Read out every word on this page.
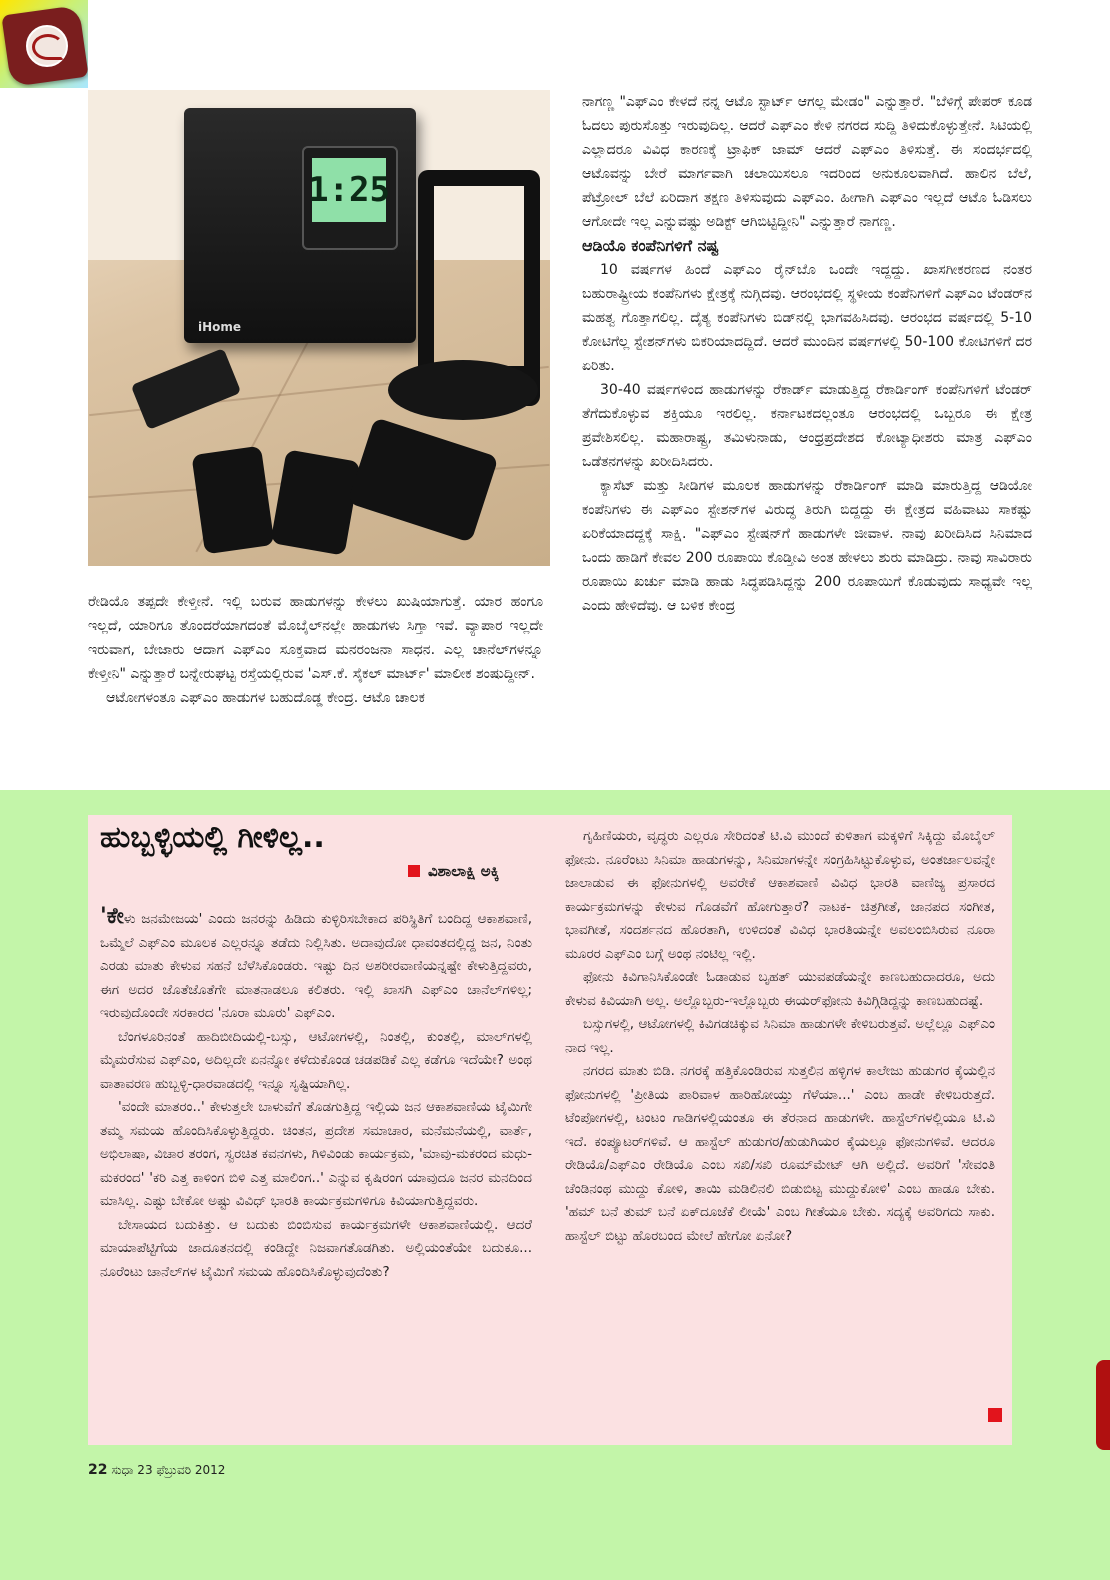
1:25
iHome

ರೇಡಿಯೊ ತಪ್ಪದೇ ಕೇಳ್ತೀನೆ. ಇಲ್ಲಿ ಬರುವ ಹಾಡುಗಳನ್ನು ಕೇಳಲು ಖುಷಿಯಾಗುತ್ತೆ. ಯಾರ ಹಂಗೂ ಇಲ್ಲದೆ, ಯಾರಿಗೂ ತೊಂದರೆಯಾಗದಂತೆ ಮೊಬೈಲ್‌ನಲ್ಲೇ ಹಾಡುಗಳು ಸಿಗ್ತಾ ಇವೆ. ವ್ಯಾಪಾರ ಇಲ್ಲದೇ ಇರುವಾಗ, ಬೇಜಾರು ಆದಾಗ ಎಫ್‌ಎಂ ಸೂಕ್ತವಾದ ಮನರಂಜನಾ ಸಾಧನ. ಎಲ್ಲ ಚಾನೆಲ್‌ಗಳನ್ನೂ ಕೇಳ್ತೀನಿ" ಎನ್ನುತ್ತಾರೆ ಬನ್ನೇರುಘಟ್ಟ ರಸ್ತೆಯಲ್ಲಿರುವ 'ಎಸ್.ಕೆ. ಸೈಕಲ್ ಮಾರ್ಟ್' ಮಾಲೀಕ ಶಂಷುದ್ದೀನ್.

ಆಟೋಗಳಂತೂ ಎಫ್‌ಎಂ ಹಾಡುಗಳ ಬಹುದೊಡ್ಡ ಕೇಂದ್ರ. ಆಟೊ ಚಾಲಕ

ನಾಗಣ್ಣ "ಎಫ್‌ಎಂ ಕೇಳದೆ ನನ್ನ ಆಟೊ ಸ್ಟಾರ್ಟ್ ಆಗಲ್ಲ ಮೇಡಂ" ಎನ್ನುತ್ತಾರೆ. "ಬೆಳಿಗ್ಗೆ ಪೇಪರ್ ಕೂಡ ಓದಲು ಪುರುಸೊತ್ತು ಇರುವುದಿಲ್ಲ. ಆದರೆ ಎಫ್‌ಎಂ ಕೇಳಿ ನಗರದ ಸುದ್ದಿ ತಿಳಿದುಕೊಳ್ಳುತ್ತೇನೆ. ಸಿಟಿಯಲ್ಲಿ ಎಲ್ಲಾದರೂ ವಿವಿಧ ಕಾರಣಕ್ಕೆ ಟ್ರಾಫಿಕ್ ಜಾಮ್ ಆದರೆ ಎಫ್‌ಎಂ ತಿಳಿಸುತ್ತೆ. ಈ ಸಂದರ್ಭದಲ್ಲಿ ಆಟೊವನ್ನು ಬೇರೆ ಮಾರ್ಗವಾಗಿ ಚಲಾಯಿಸಲೂ ಇದರಿಂದ ಅನುಕೂಲವಾಗಿದೆ. ಹಾಲಿನ ಬೆಲೆ, ಪೆಟ್ರೋಲ್ ಬೆಲೆ ಏರಿದಾಗ ತಕ್ಷಣ ತಿಳಿಸುವುದು ಎಫ್‌ಎಂ. ಹೀಗಾಗಿ ಎಫ್‌ಎಂ ಇಲ್ಲದೆ ಆಟೊ ಓಡಿಸಲು ಆಗೋದೇ ಇಲ್ಲ ಎನ್ನುವಷ್ಟು ಅಡಿಕ್ಟ್ ಆಗಿಬಿಟ್ಟಿದ್ದೀನಿ" ಎನ್ನುತ್ತಾರೆ ನಾಗಣ್ಣ.

ಆಡಿಯೊ ಕಂಪೆನಿಗಳಿಗೆ ನಷ್ಟ

10 ವರ್ಷಗಳ ಹಿಂದೆ ಎಫ್‌ಎಂ ರೈನ್‌ಬೊ ಒಂದೇ ಇದ್ದದ್ದು. ಖಾಸಗೀಕರಣದ ನಂತರ ಬಹುರಾಷ್ಟ್ರೀಯ ಕಂಪೆನಿಗಳು ಕ್ಷೇತ್ರಕ್ಕೆ ನುಗ್ಗಿದವು. ಆರಂಭದಲ್ಲಿ ಸ್ಥಳೀಯ ಕಂಪೆನಿಗಳಿಗೆ ಎಫ್‌ಎಂ ಟೆಂಡರ್‌ನ ಮಹತ್ವ ಗೊತ್ತಾಗಲಿಲ್ಲ. ದೈತ್ಯ ಕಂಪೆನಿಗಳು ಬಿಡ್‌ನಲ್ಲಿ ಭಾಗವಹಿಸಿದವು. ಆರಂಭದ ವರ್ಷದಲ್ಲಿ 5-10 ಕೋಟಿಗೆಲ್ಲ ಸ್ಟೇಶನ್‌ಗಳು ಬಿಕರಿಯಾದದ್ದಿದೆ. ಆದರೆ ಮುಂದಿನ ವರ್ಷಗಳಲ್ಲಿ 50-100 ಕೋಟಿಗಳಿಗೆ ದರ ಏರಿತು.

30-40 ವರ್ಷಗಳಿಂದ ಹಾಡುಗಳನ್ನು ರೆಕಾರ್ಡ್ ಮಾಡುತ್ತಿದ್ದ ರೆಕಾರ್ಡಿಂಗ್ ಕಂಪೆನಿಗಳಿಗೆ ಟೆಂಡರ್ ತೆಗೆದುಕೊಳ್ಳುವ ಶಕ್ತಿಯೂ ಇರಲಿಲ್ಲ. ಕರ್ನಾಟಕದಲ್ಲಂತೂ ಆರಂಭದಲ್ಲಿ ಒಬ್ಬರೂ ಈ ಕ್ಷೇತ್ರ ಪ್ರವೇಶಿಸಲಿಲ್ಲ. ಮಹಾರಾಷ್ಟ್ರ, ತಮಿಳುನಾಡು, ಆಂಧ್ರಪ್ರದೇಶದ ಕೋಟ್ಯಾಧೀಶರು ಮಾತ್ರ ಎಫ್‌ಎಂ ಒಡೆತನಗಳನ್ನು ಖರೀದಿಸಿದರು.

ಕ್ಯಾಸೆಟ್ ಮತ್ತು ಸೀಡಿಗಳ ಮೂಲಕ ಹಾಡುಗಳನ್ನು ರೆಕಾರ್ಡಿಂಗ್ ಮಾಡಿ ಮಾರುತ್ತಿದ್ದ ಆಡಿಯೋ ಕಂಪೆನಿಗಳು ಈ ಎಫ್‌ಎಂ ಸ್ಟೇಶನ್‌ಗಳ ವಿರುದ್ಧ ತಿರುಗಿ ಬಿದ್ದದ್ದು ಈ ಕ್ಷೇತ್ರದ ವಹಿವಾಟು ಸಾಕಷ್ಟು ಏರಿಕೆಯಾದದ್ದಕ್ಕೆ ಸಾಕ್ಷಿ. "ಎಫ್‌ಎಂ ಸ್ಟೇಷನ್‌ಗೆ ಹಾಡುಗಳೇ ಜೀವಾಳ. ನಾವು ಖರೀದಿಸಿದ ಸಿನಿಮಾದ ಒಂದು ಹಾಡಿಗೆ ಕೇವಲ 200 ರೂಪಾಯಿ ಕೊಡ್ತೀವಿ ಅಂತ ಹೇಳಲು ಶುರು ಮಾಡಿದ್ರು. ನಾವು ಸಾವಿರಾರು ರೂಪಾಯಿ ಖರ್ಚು ಮಾಡಿ ಹಾಡು ಸಿದ್ಧಪಡಿಸಿದ್ದನ್ನು 200 ರೂಪಾಯಿಗೆ ಕೊಡುವುದು ಸಾಧ್ಯವೇ ಇಲ್ಲ ಎಂದು ಹೇಳಿದೆವು. ಆ ಬಳಿಕ ಕೇಂದ್ರ

ಹುಬ್ಬಳ್ಳಿಯಲ್ಲಿ ಗೀಳಿಲ್ಲ..
ವಿಶಾಲಾಕ್ಷಿ ಅಕ್ಕಿ

'ಕೇಳು ಜನಮೇಜಯ' ಎಂದು ಜನರನ್ನು ಹಿಡಿದು ಕುಳ್ಳಿರಿಸಬೇಕಾದ ಪರಿಸ್ಥಿತಿಗೆ ಬಂದಿದ್ದ ಆಕಾಶವಾಣಿ, ಒಮ್ಮೆಲೆ ಎಫ್‌ಎಂ ಮೂಲಕ ಎಲ್ಲರನ್ನೂ ತಡೆದು ನಿಲ್ಲಿಸಿತು. ಅದಾವುದೋ ಧಾವಂತದಲ್ಲಿದ್ದ ಜನ, ನಿಂತು ಎರಡು ಮಾತು ಕೇಳುವ ಸಹನೆ ಬೆಳೆಸಿಕೊಂಡರು. ಇಷ್ಟು ದಿನ ಅಶರೀರವಾಣಿಯನ್ನಷ್ಟೇ ಕೇಳುತ್ತಿದ್ದವರು, ಈಗ ಅದರ ಜೊತೆಜೊತೆಗೇ ಮಾತನಾಡಲೂ ಕಲಿತರು. ಇಲ್ಲಿ ಖಾಸಗಿ ಎಫ್‌ಎಂ ಚಾನೆಲ್‌ಗಳಿಲ್ಲ; ಇರುವುದೊಂದೇ ಸರಕಾರದ 'ನೂರಾ ಮೂರು' ಎಫ್‌ಎಂ.

ಬೆಂಗಳೂರಿನಂತೆ ಹಾದಿಬೀದಿಯಲ್ಲಿ-ಬಸ್ಸು, ಆಟೋಗಳಲ್ಲಿ, ನಿಂತಲ್ಲಿ, ಕುಂತಲ್ಲಿ, ಮಾಲ್‌ಗಳಲ್ಲಿ ಮೈಮರೆಸುವ ಎಫ್‌ಎಂ, ಅದಿಲ್ಲದೇ ಏನನ್ನೋ ಕಳೆದುಕೊಂಡ ಚಡಪಡಿಕೆ ಎಲ್ಲ ಕಡೆಗೂ ಇದೆಯೇ? ಅಂಥ ವಾತಾವರಣ ಹುಬ್ಬಳ್ಳಿ-ಧಾರವಾಡದಲ್ಲಿ ಇನ್ನೂ ಸೃಷ್ಟಿಯಾಗಿಲ್ಲ.

'ವಂದೇ ಮಾತರಂ..' ಕೇಳುತ್ತಲೇ ಬಾಳುವೆಗೆ ತೊಡಗುತ್ತಿದ್ದ ಇಲ್ಲಿಯ ಜನ ಆಕಾಶವಾಣಿಯ ಟೈಮಿಗೇ ತಮ್ಮ ಸಮಯ ಹೊಂದಿಸಿಕೊಳ್ಳುತ್ತಿದ್ದರು. ಚಿಂತನ, ಪ್ರದೇಶ ಸಮಾಚಾರ, ಮನೆಮನೆಯಲ್ಲಿ, ವಾರ್ತೆ, ಅಭಿಲಾಷಾ, ವಿಚಾರ ತರಂಗ, ಸ್ವರಚಿತ ಕವನಗಳು, ಗಿಳಿವಿಂಡು ಕಾರ್ಯಕ್ರಮ, 'ಮಾವು-ಮಕರಂದ ಮಧು-ಮಕರಂದ' 'ಕರಿ ಎತ್ತ ಕಾಳಿಂಗ ಬಿಳಿ ಎತ್ತ ಮಾಲಿಂಗ..' ಎನ್ನುವ ಕೃಷಿರಂಗ ಯಾವುದೂ ಜನರ ಮನದಿಂದ ಮಾಸಿಲ್ಲ. ಎಷ್ಟು ಬೇಕೋ ಅಷ್ಟು ವಿವಿಧ್ ಭಾರತಿ ಕಾರ್ಯಕ್ರಮಗಳಿಗೂ ಕಿವಿಯಾಗುತ್ತಿದ್ದವರು.

ಬೇಸಾಯದ ಬದುಕಿತ್ತು. ಆ ಬದುಕು ಬಿಂಬಿಸುವ ಕಾರ್ಯಕ್ರಮಗಳೇ ಆಕಾಶವಾಣಿಯಲ್ಲಿ. ಆದರೆ ಮಾಯಾಪೆಟ್ಟಿಗೆಯ ಜಾದೂತನದಲ್ಲಿ ಕಂಡಿದ್ದೇ ನಿಜವಾಗತೊಡಗಿತು. ಅಲ್ಲಿಯಂತೆಯೇ ಬದುಕೂ... ನೂರೆಂಟು ಚಾನೆಲ್‌ಗಳ ಟೈಮಿಗೆ ಸಮಯ ಹೊಂದಿಸಿಕೊಳ್ಳುವುದೆಂತು?

ಗೃಹಿಣಿಯರು, ವೃದ್ಧರು ಎಲ್ಲರೂ ಸೇರಿದಂತೆ ಟಿ.ವಿ ಮುಂದೆ ಕುಳಿತಾಗ ಮಕ್ಕಳಿಗೆ ಸಿಕ್ಕಿದ್ದು ಮೊಬೈಲ್ ಫೋನು. ನೂರೆಂಟು ಸಿನಿಮಾ ಹಾಡುಗಳನ್ನು, ಸಿನಿಮಾಗಳನ್ನೇ ಸಂಗ್ರಹಿಸಿಟ್ಟುಕೊಳ್ಳುವ, ಅಂತರ್ಜಾಲವನ್ನೇ ಜಾಲಾಡುವ ಈ ಫೋನುಗಳಲ್ಲಿ ಅವರೇಕೆ ಆಕಾಶವಾಣಿ ವಿವಿಧ ಭಾರತಿ ವಾಣಿಜ್ಯ ಪ್ರಸಾರದ ಕಾರ್ಯಕ್ರಮಗಳನ್ನು ಕೇಳುವ ಗೊಡವೆಗೆ ಹೋಗುತ್ತಾರೆ? ನಾಟಕ- ಚಿತ್ರಗೀತೆ, ಜಾನಪದ ಸಂಗೀತ, ಭಾವಗೀತೆ, ಸಂದರ್ಶನದ ಹೊರತಾಗಿ, ಉಳಿದಂತೆ ವಿವಿಧ ಭಾರತಿಯನ್ನೇ ಅವಲಂಬಿಸಿರುವ ನೂರಾ ಮೂರರ ಎಫ್‌ಎಂ ಬಗ್ಗೆ ಅಂಥ ನಂಟಿಲ್ಲ ಇಲ್ಲಿ.

ಫೋನು ಕಿವಿಗಾನಿಸಿಕೊಂಡೇ ಓಡಾಡುವ ಬೃಹತ್ ಯುವಪಡೆಯನ್ನೇ ಕಾಣಬಹುದಾದರೂ, ಅದು ಕೇಳುವ ಕಿವಿಯಾಗಿ ಅಲ್ಲ. ಅಲ್ಲೊಬ್ಬರು-ಇಲ್ಲೊಬ್ಬರು ಈಯರ್‌ಫೋನು ಕಿವಿಗ್ಗಿಡಿದ್ದನ್ನು ಕಾಣಬಹುದಷ್ಟೆ.

ಬಸ್ಸುಗಳಲ್ಲಿ, ಆಟೋಗಳಲ್ಲಿ ಕಿವಿಗಡಚಿಕ್ಕುವ ಸಿನಿಮಾ ಹಾಡುಗಳೇ ಕೇಳಿಬರುತ್ತವೆ. ಅಲ್ಲೆಲ್ಲೂ ಎಫ್‌ಎಂ ನಾದ ಇಲ್ಲ.

ನಗರದ ಮಾತು ಬಿಡಿ. ನಗರಕ್ಕೆ ಹತ್ತಿಕೊಂಡಿರುವ ಸುತ್ತಲಿನ ಹಳ್ಳಿಗಳ ಕಾಲೇಜು ಹುಡುಗರ ಕೈಯಲ್ಲಿನ ಫೋನುಗಳಲ್ಲಿ 'ಪ್ರೀತಿಯ ಪಾರಿವಾಳ ಹಾರಿಹೋಯ್ತು ಗೆಳೆಯಾ...' ಎಂಬ ಹಾಡೇ ಕೇಳಿಬರುತ್ತದೆ. ಟೆಂಪೋಗಳಲ್ಲಿ, ಟಂಟಂ ಗಾಡಿಗಳಲ್ಲಿಯಂತೂ ಈ ತೆರನಾದ ಹಾಡುಗಳೇ. ಹಾಸ್ಟೆಲ್‌ಗಳಲ್ಲಿಯೂ ಟಿ.ವಿ ಇದೆ. ಕಂಪ್ಯೂಟರ್‌ಗಳಿವೆ. ಆ ಹಾಸ್ಟೆಲ್ ಹುಡುಗರ/ಹುಡುಗಿಯರ ಕೈಯಲ್ಲೂ ಫೋನುಗಳಿವೆ. ಆದರೂ ರೇಡಿಯೊ/ಎಫ್‌ಎಂ ರೇಡಿಯೊ ಎಂಬ ಸಖಿ/ಸಖಿ ರೂಮ್‌ಮೇಟ್ ಆಗಿ ಅಲ್ಲಿದೆ. ಅವರಿಗೆ 'ಸೇವಂತಿ ಚೆಂಡಿನಂಥ ಮುದ್ದು ಕೋಳಿ, ತಾಯಿ ಮಡಿಲಿನಲಿ ಬಿಡುಬಿಟ್ಟ ಮುದ್ದುಕೋಳಿ' ಎಂಬ ಹಾಡೂ ಬೇಕು. 'ಹಮ್ ಬನೆ ತುಮ್ ಬನೆ ಏಕ್‌ದೂಜೆಕೆ ಲೀಯೆ' ಎಂಬ ಗೀತೆಯೂ ಬೇಕು. ಸದ್ಯಕ್ಕೆ ಅವರಿಗದು ಸಾಕು. ಹಾಸ್ಟೆಲ್ ಬಿಟ್ಟು ಹೊರಬಂದ ಮೇಲೆ ಹೇಗೋ ಏನೋ?

22 ಸುಧಾ 23 ಫೆಬ್ರುವರಿ 2012
